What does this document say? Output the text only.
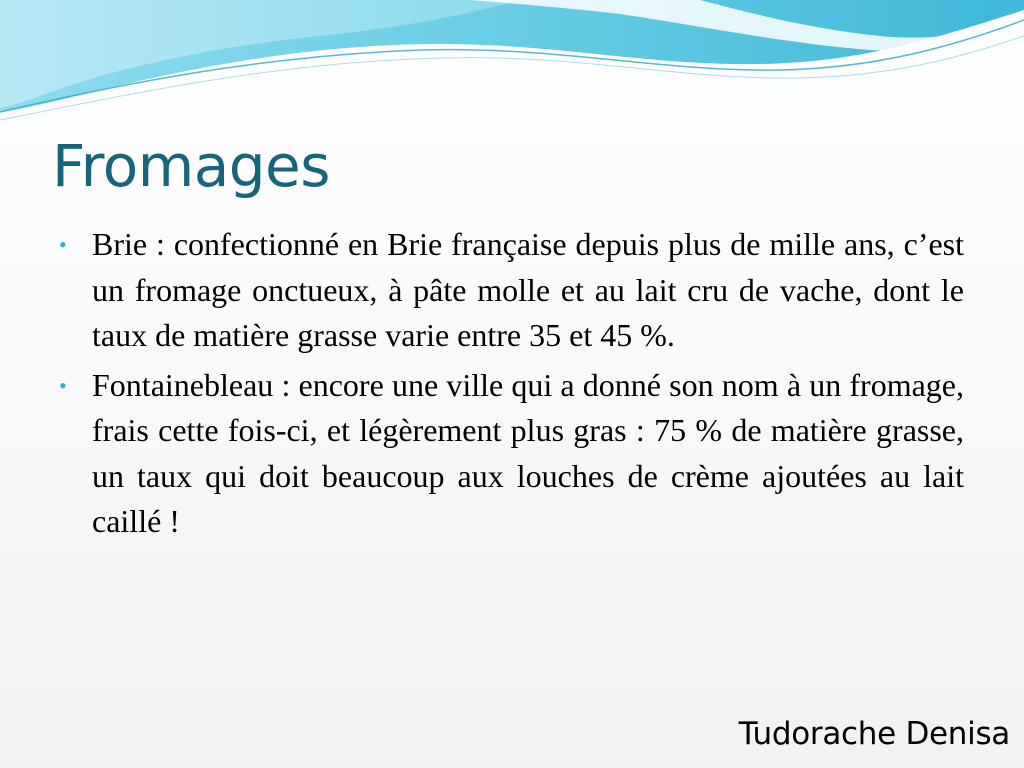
Fromages
• Brie : confectionné en Brie française depuis plus de mille ans, c’est un fromage onctueux, à pâte molle et au lait cru de vache, dont le taux de matière grasse varie entre 35 et 45 %.
• Fontainebleau : encore une ville qui a donné son nom à un fromage, frais cette fois-ci, et légèrement plus gras : 75 % de matière grasse, un taux qui doit beaucoup aux louches de crème ajoutées au lait caillé !
Tudorache Denisa
